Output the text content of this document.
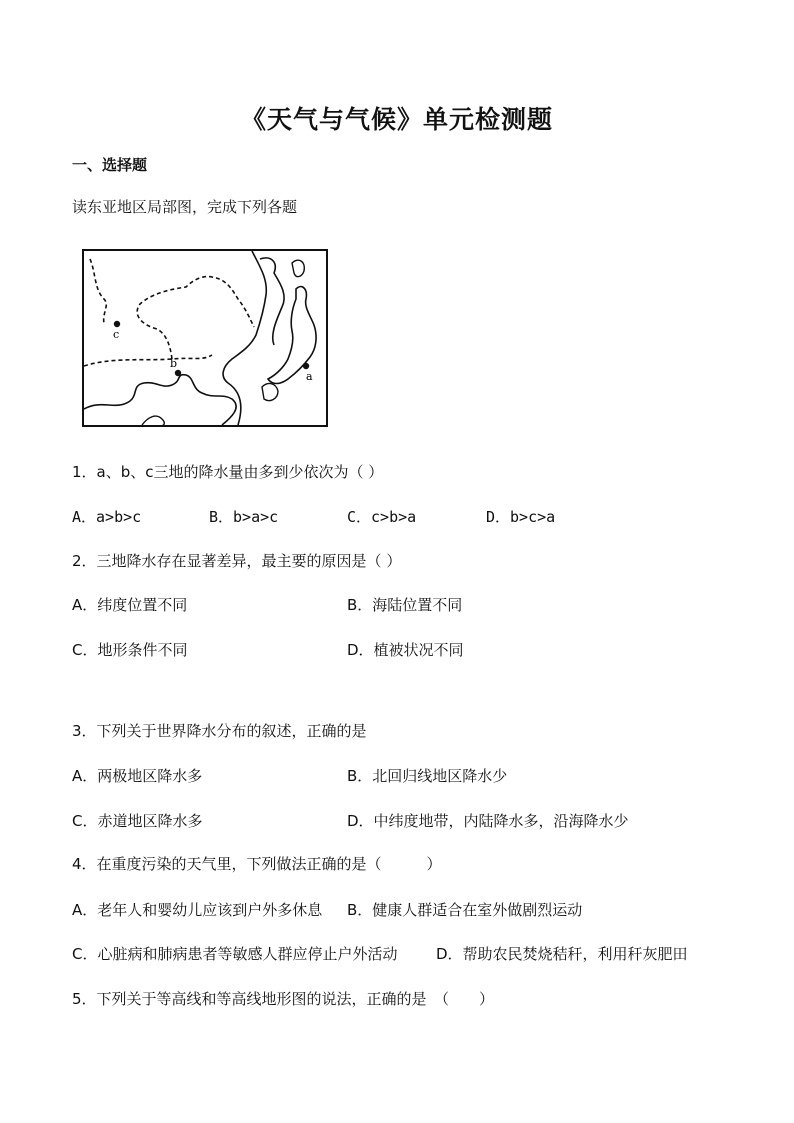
《天气与气候》单元检测题
一、选择题
读东亚地区局部图，完成下列各题
c
b
a
1．a、b、c三地的降水量由多到少依次为（ ）
A．a>b>c	B．b>a>c	C．c>b>a	D．b>c>a
2．三地降水存在显著差异，最主要的原因是（ ）
A．纬度位置不同	B．海陆位置不同
C．地形条件不同	D．植被状况不同
3．下列关于世界降水分布的叙述，正确的是
A．两极地区降水多	B．北回归线地区降水少
C．赤道地区降水多	D．中纬度地带，内陆降水多，沿海降水少
4．在重度污染的天气里，下列做法正确的是（　　　）
A．老年人和婴幼儿应该到户外多休息 B．健康人群适合在室外做剧烈运动
C．心脏病和肺病患者等敏感人群应停止户外活动	D．帮助农民焚烧秸秆，利用秆灰肥田
5．下列关于等高线和等高线地形图的说法，正确的是　（　　）
